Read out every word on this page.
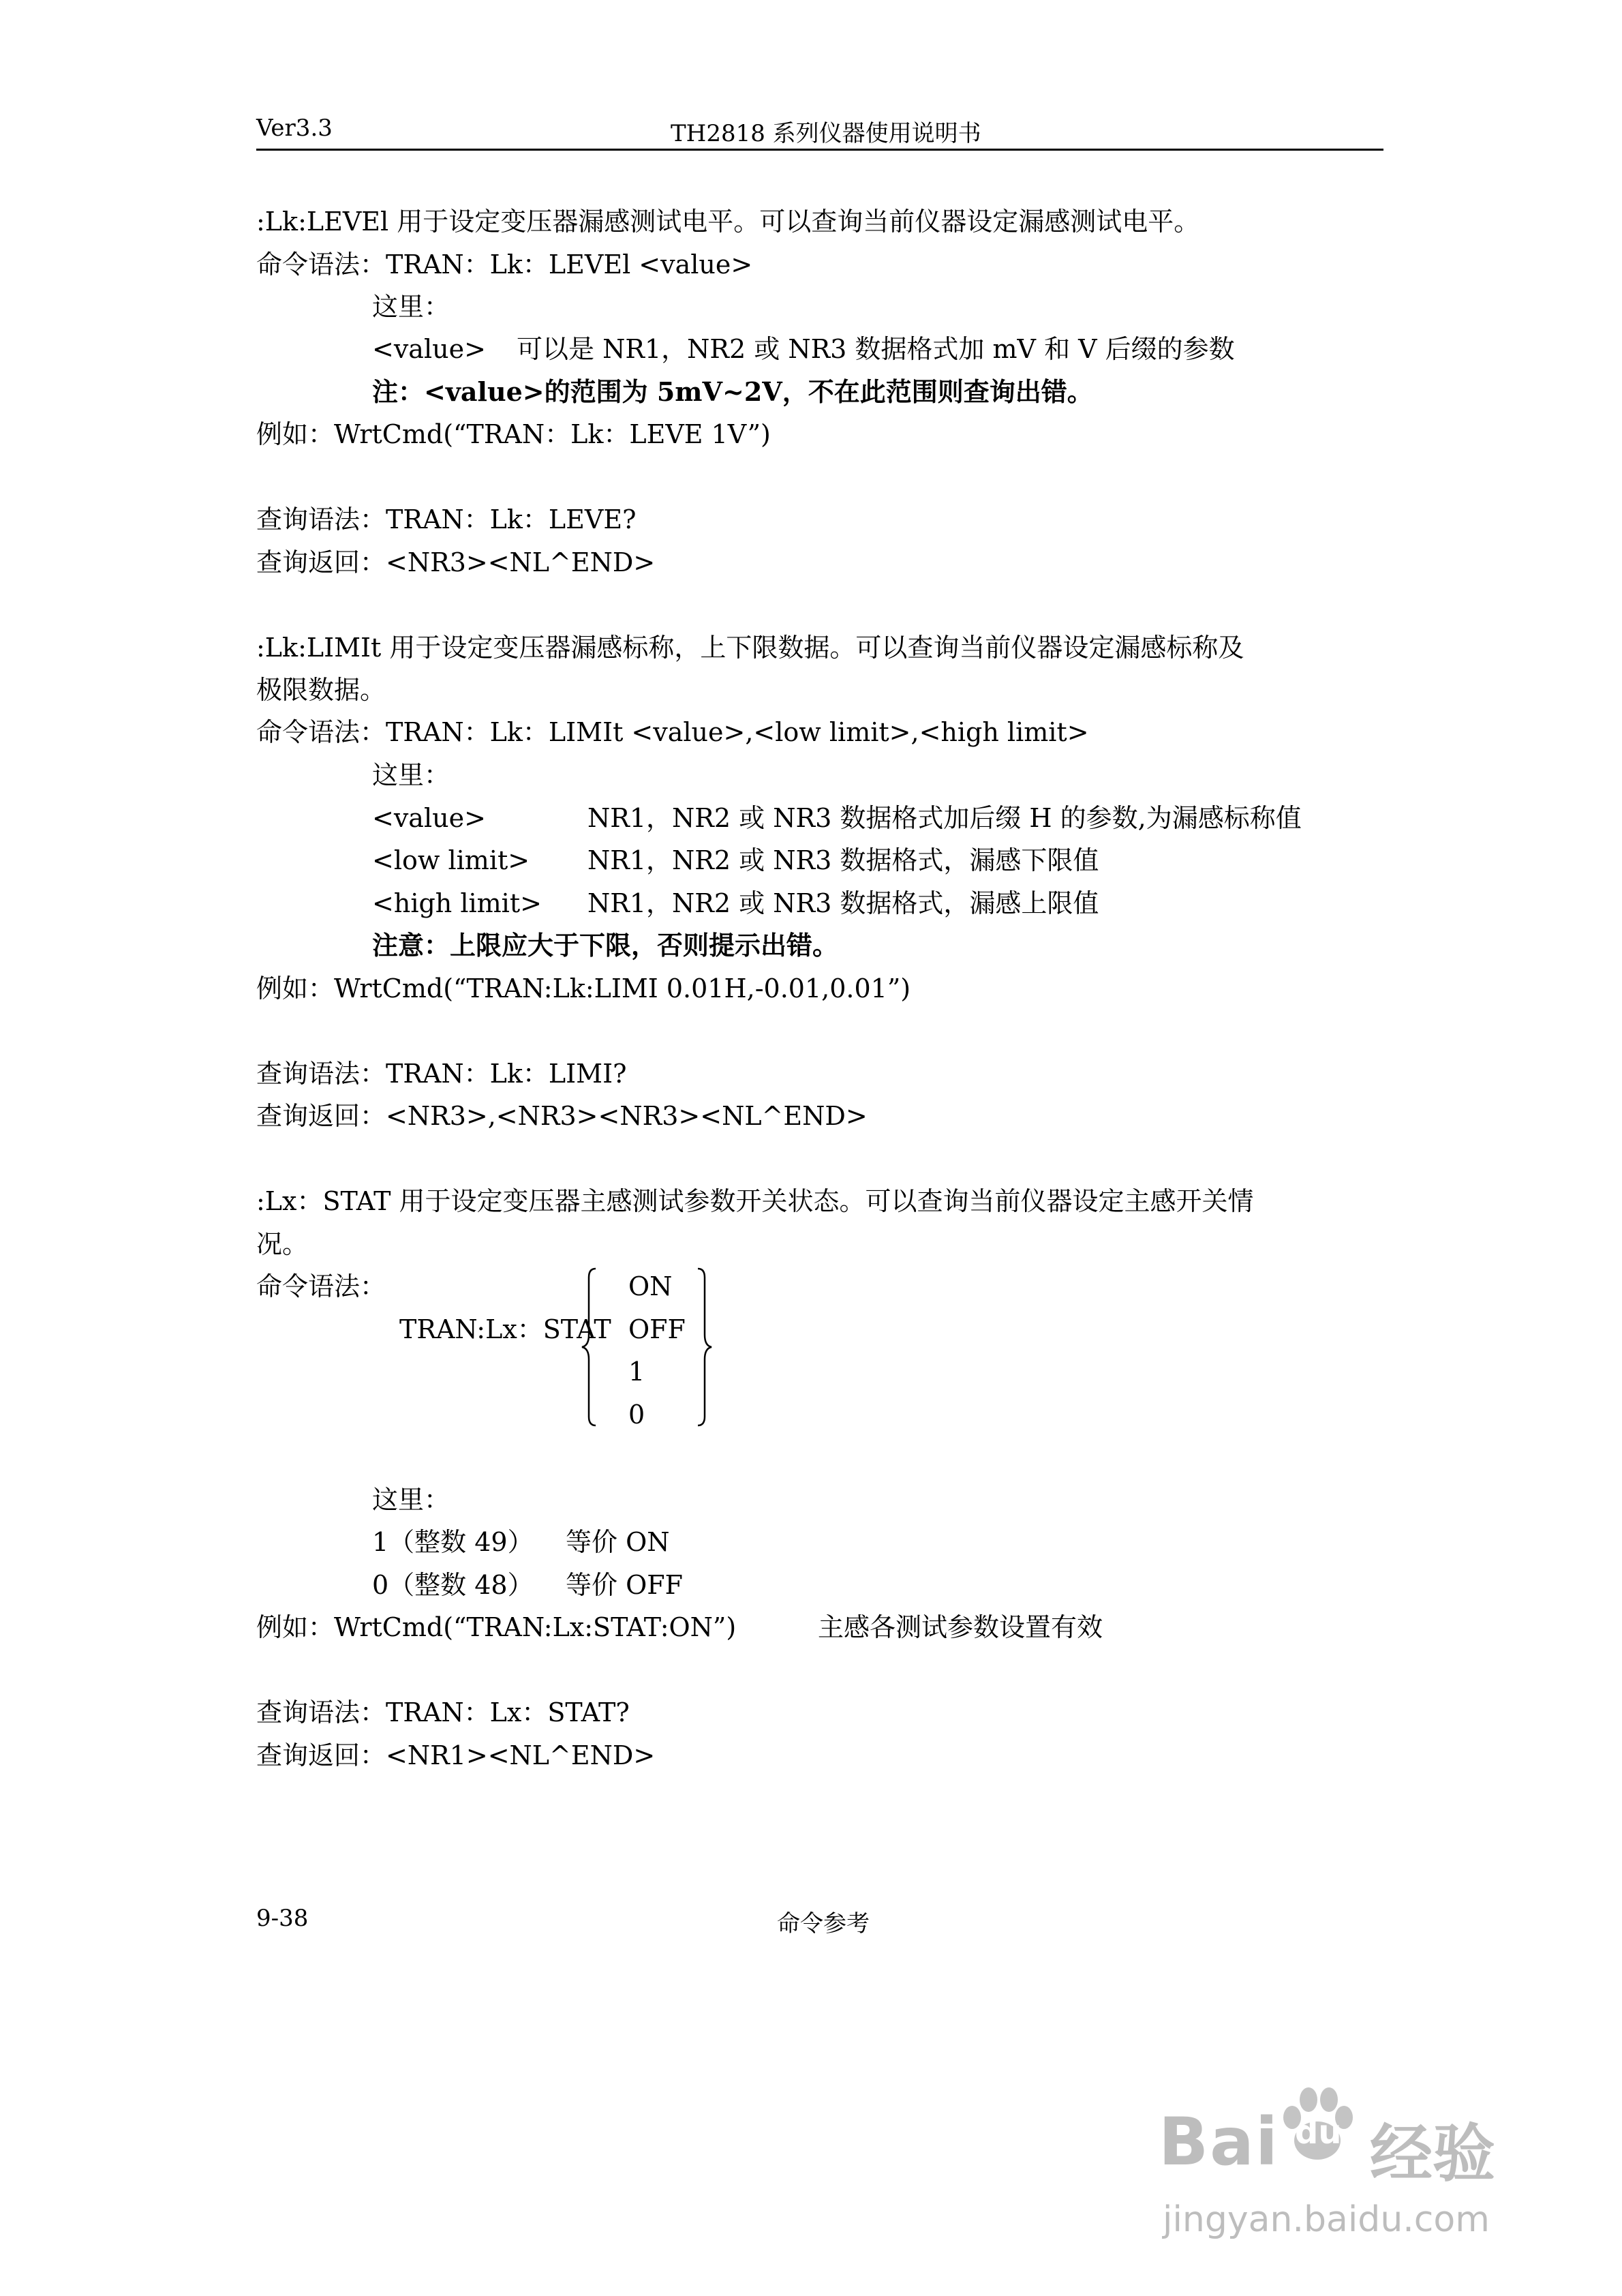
Ver3.3	TH2818 系列仪器使用说明书
:Lk:LEVEl 用于设定变压器漏感测试电平。可以查询当前仪器设定漏感测试电平。
命令语法：TRAN：Lk：LEVEl <value>
这里：
<value> 可以是 NR1，NR2 或 NR3 数据格式加 mV 和 V 后缀的参数
注：<value>的范围为 5mV~2V，不在此范围则查询出错。
例如：WrtCmd(“TRAN：Lk：LEVE 1V”)
查询语法：TRAN：Lk：LEVE?
查询返回：<NR3><NL^END>
:Lk:LIMIt 用于设定变压器漏感标称，上下限数据。可以查询当前仪器设定漏感标称及
极限数据。
命令语法：TRAN：Lk：LIMIt <value>,<low limit>,<high limit>
这里：
<value>	NR1，NR2 或 NR3 数据格式加后缀 H 的参数,为漏感标称值
<low limit> NR1，NR2 或 NR3 数据格式，漏感下限值
<high limit> NR1，NR2 或 NR3 数据格式，漏感上限值
注意：上限应大于下限，否则提示出错。
例如：WrtCmd(“TRAN:Lk:LIMI 0.01H,-0.01,0.01”)
查询语法：TRAN：Lk：LIMI?
查询返回：<NR3>,<NR3><NR3><NL^END>
:Lx：STAT 用于设定变压器主感测试参数开关状态。可以查询当前仪器设定主感开关情
况。
命令语法：
TRAN:Lx：STAT
ON
OFF
1
0
这里：
1（整数 49） 等价 ON
0（整数 48） 等价 OFF
例如：WrtCmd(“TRAN:Lx:STAT:ON”)	主感各测试参数设置有效
查询语法：TRAN：Lx：STAT?
查询返回：<NR1><NL^END>
9-38	命令参考
Bai du 经验
jingyan.baidu.com
